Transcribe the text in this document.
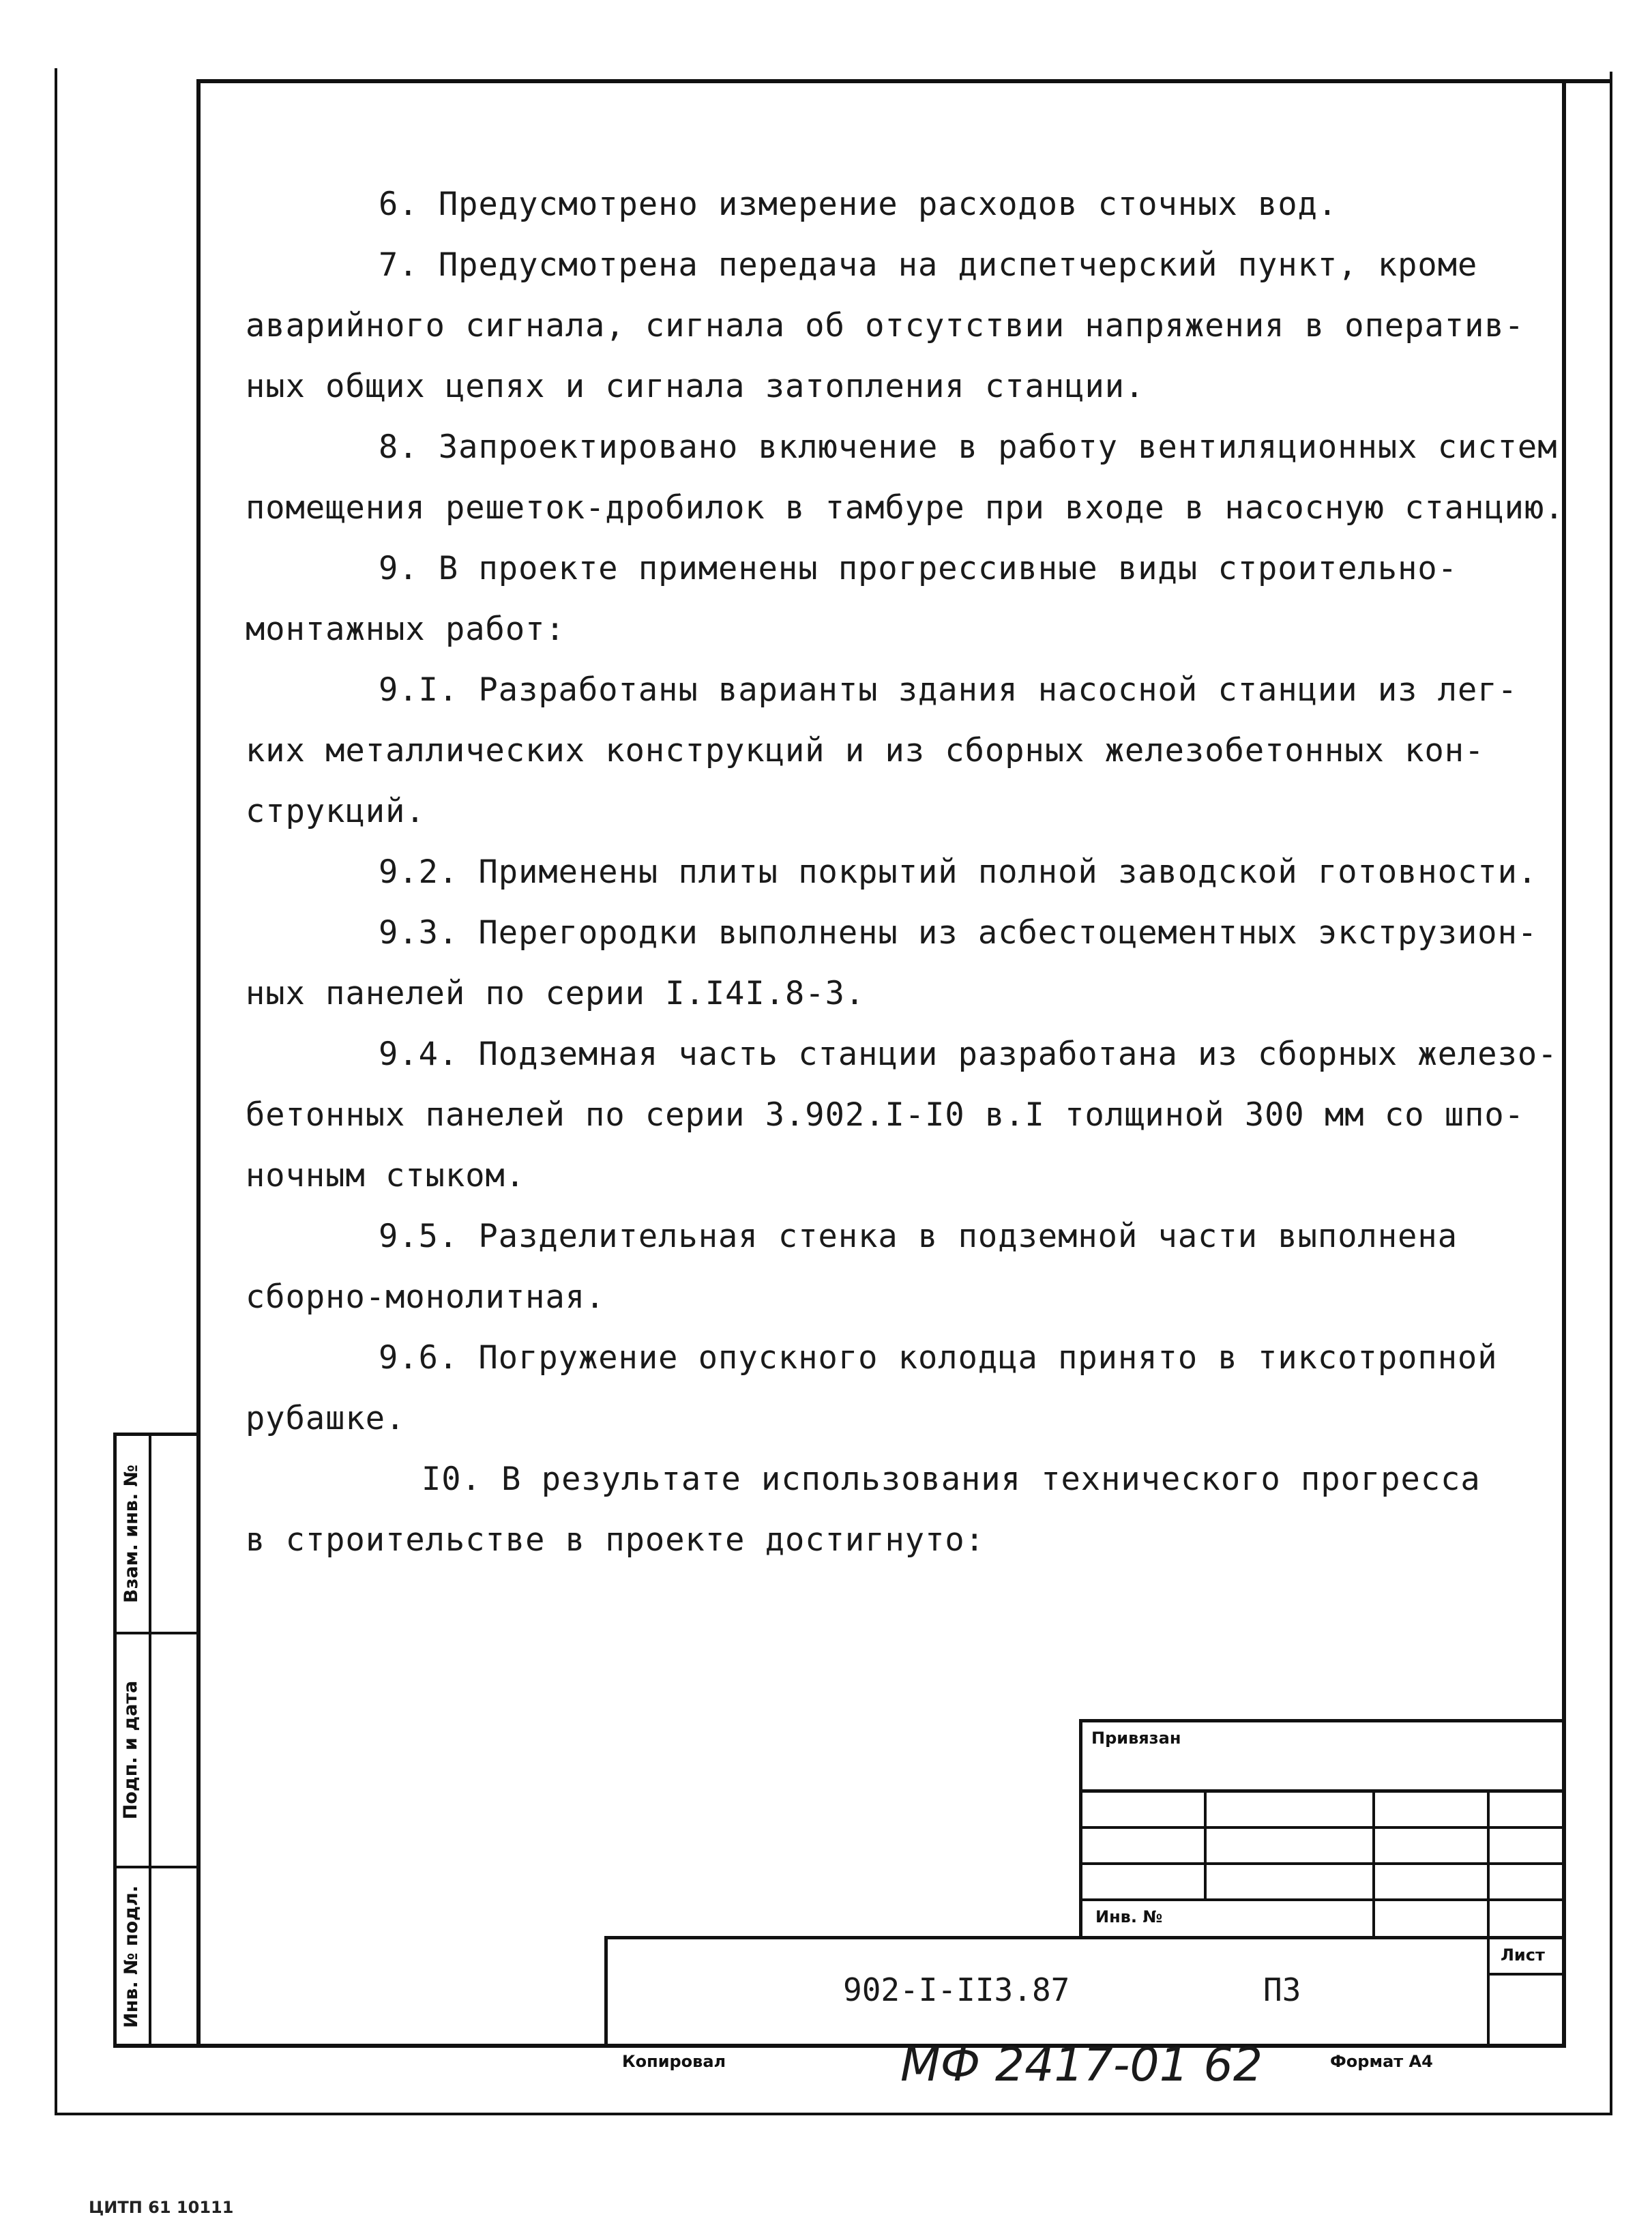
6. Предусмотрено измерение расходов сточных вод.
7. Предусмотрена передача на диспетчерский пункт, кроме
аварийного сигнала, сигнала об отсутствии напряжения в оператив-
ных общих цепях и сигнала затопления станции.
8. Запроектировано включение в работу вентиляционных систем
помещения решеток-дробилок в тамбуре при входе в насосную станцию.
9. В проекте применены прогрессивные виды строительно-
монтажных работ:
9.I. Разработаны варианты здания насосной станции из лег-
ких металлических конструкций и из сборных железобетонных кон-
струкций.
9.2. Применены плиты покрытий полной заводской готовности.
9.3. Перегородки выполнены из асбестоцементных экструзион-
ных панелей по серии I.I4I.8-3.
9.4. Подземная часть станции разработана из сборных железо-
бетонных панелей по серии 3.902.I-I0 в.I толщиной 300 мм со шпо-
ночным стыком.
9.5. Разделительная стенка в подземной части выполнена
сборно-монолитная.
9.6. Погружение опускного колодца принято в тиксотропной
рубашке.
I0. В результате использования технического прогресса
в строительстве в проекте достигнуто:
Взам. инв. №
Подп. и дата
Инв. № подл.
Привязан
Инв. №
Лист
902-I-II3.87	ПЗ
Копировал	МФ 2417-01 62	Формат А4
ЦИТП 61 10111
